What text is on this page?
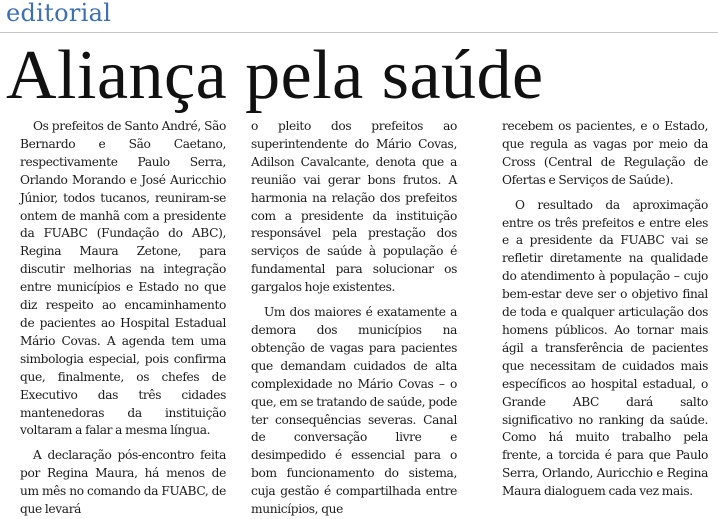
editorial
Aliança pela saúde

Os prefeitos de Santo André, São Bernardo e São Caetano, respectivamente Paulo Serra, Orlando Morando e José Auricchio Júnior, todos tucanos, reuniram-se ontem de manhã com a presidente da FUABC (Fundação do ABC), Regina Maura Zetone, para discutir melhorias na integração entre municípios e Estado no que diz respeito ao encaminhamento de pacientes ao Hospital Estadual Mário Covas. A agenda tem uma simbologia especial, pois confirma que, finalmente, os chefes de Executivo das três cidades mantenedoras da instituição voltaram a falar a mesma língua.

A declaração pós-encontro feita por Regina Maura, há menos de um mês no comando da FUABC, de que levará

o pleito dos prefeitos ao superintendente do Mário Covas, Adilson Cavalcante, denota que a reunião vai gerar bons frutos. A harmonia na relação dos prefeitos com a presidente da instituição responsável pela prestação dos serviços de saúde à população é fundamental para solucionar os gargalos hoje existentes.

Um dos maiores é exatamente a demora dos municípios na obtenção de vagas para pacientes que demandam cuidados de alta complexidade no Mário Covas – o que, em se tratando de saúde, pode ter consequências severas. Canal de conversação livre e desimpedido é essencial para o bom funcionamento do sistema, cuja gestão é compartilhada entre municípios, que

recebem os pacientes, e o Estado, que regula as vagas por meio da Cross (Central de Regulação de Ofertas e Serviços de Saúde).

O resultado da aproximação entre os três prefeitos e entre eles e a presidente da FUABC vai se refletir diretamente na qualidade do atendimento à população – cujo bem-estar deve ser o objetivo final de toda e qualquer articulação dos homens públicos. Ao tornar mais ágil a transferência de pacientes que necessitam de cuidados mais específicos ao hospital estadual, o Grande ABC dará salto significativo no ranking da saúde. Como há muito trabalho pela frente, a torcida é para que Paulo Serra, Orlando, Auricchio e Regina Maura dialoguem cada vez mais.
